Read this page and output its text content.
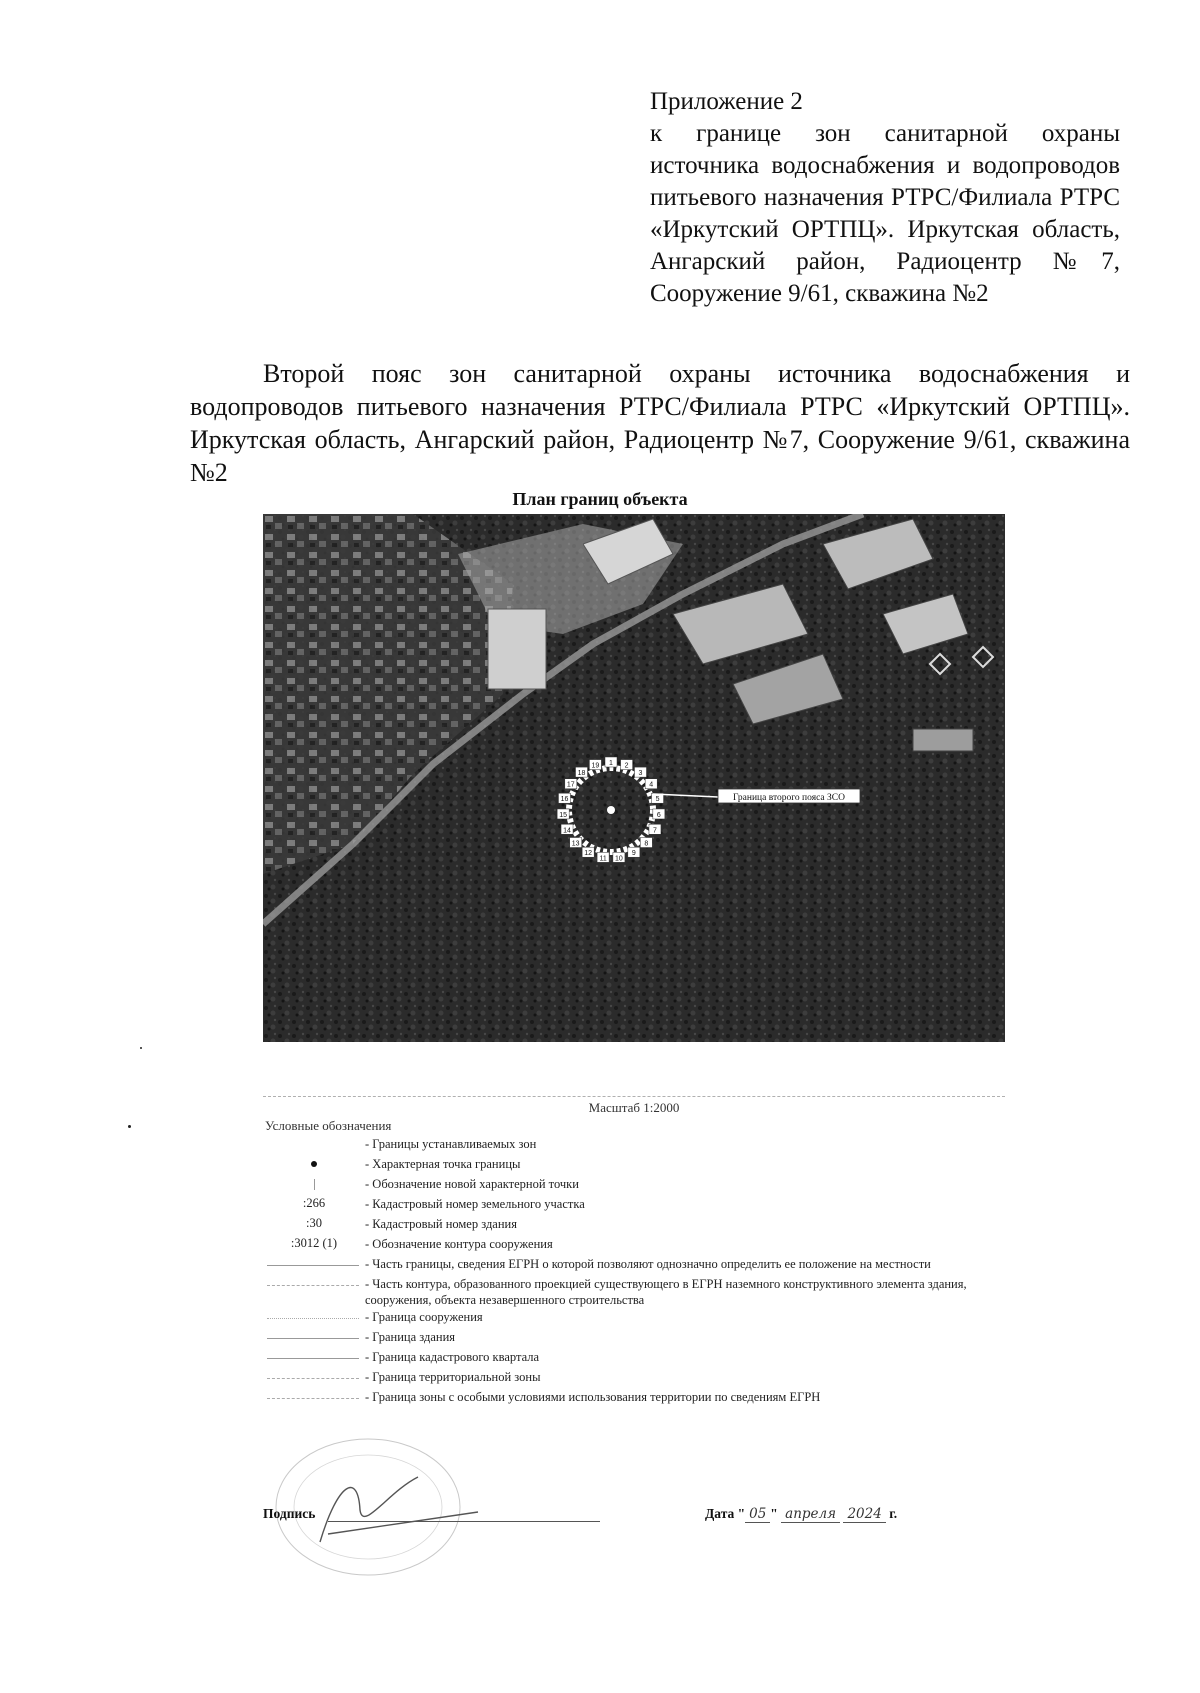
Приложение 2
к границе зон санитарной охраны источника водоснабжения и водопроводов питьевого назначения РТРС/Филиала РТРС «Иркутский ОРТПЦ». Иркутская область, Ангарский район, Радиоцентр №7, Сооружение 9/61, скважина №2
Второй пояс зон санитарной охраны источника водоснабжения и водопроводов питьевого назначения РТРС/Филиала РТРС «Иркутский ОРТПЦ». Иркутская область, Ангарский район, Радиоцентр №7, Сооружение 9/61, скважина №2
План границ объекта
1 2
3
4
5
6
7
8
9
10
11
12
13
14
15
16
17
18
19
Граница второго пояса ЗСО
Масштаб 1:2000
Условные обозначения
- Границы устанавливаемых зон
- Характерная точка границы
- Обозначение новой характерной точки
:266	- Кадастровый номер земельного участка
:30	- Кадастровый номер здания
:3012 (1)	- Обозначение контура сооружения
- Часть границы, сведения ЕГРН о которой позволяют однозначно определить ее положение на местности
- Часть контура, образованного проекцией существующего в ЕГРН наземного конструктивного элемента здания, сооружения, объекта незавершенного строительства
- Граница сооружения
- Граница здания
- Граница кадастрового квартала
- Граница территориальной зоны
- Граница зоны с особыми условиями использования территории по сведениям ЕГРН
Подпись	Дата " 05 " апреля 2024 г.
